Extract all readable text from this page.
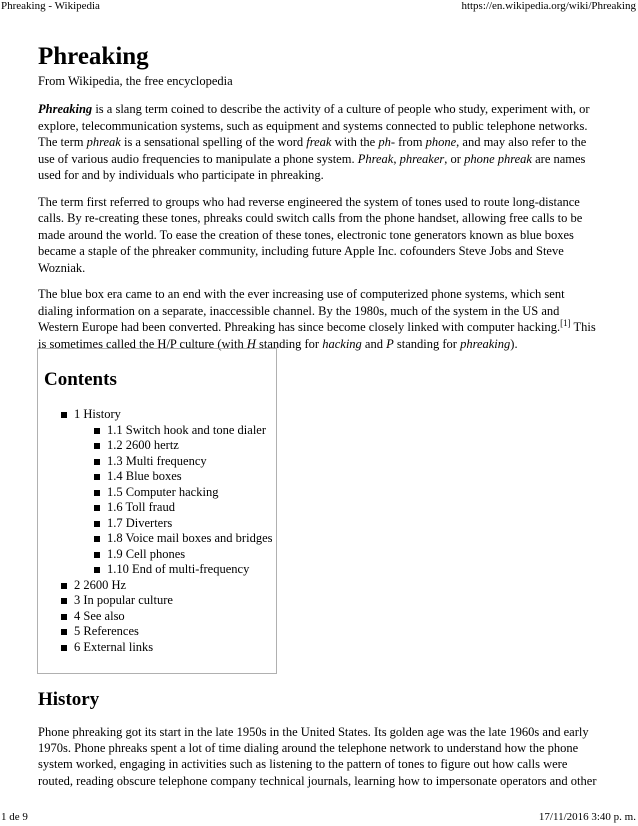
Phreaking - Wikipedia	https://en.wikipedia.org/wiki/Phreaking
Phreaking
From Wikipedia, the free encyclopedia

Phreaking is a slang term coined to describe the activity of a culture of people who study, experiment with, or explore, telecommunication systems, such as equipment and systems connected to public telephone networks. The term phreak is a sensational spelling of the word freak with the ph- from phone, and may also refer to the use of various audio frequencies to manipulate a phone system. Phreak, phreaker, or phone phreak are names used for and by individuals who participate in phreaking.

The term first referred to groups who had reverse engineered the system of tones used to route long-distance calls. By re-creating these tones, phreaks could switch calls from the phone handset, allowing free calls to be made around the world. To ease the creation of these tones, electronic tone generators known as blue boxes became a staple of the phreaker community, including future Apple Inc. cofounders Steve Jobs and Steve Wozniak.

The blue box era came to an end with the ever increasing use of computerized phone systems, which sent dialing information on a separate, inaccessible channel. By the 1980s, much of the system in the US and Western Europe had been converted. Phreaking has since become closely linked with computer hacking.[1] This is sometimes called the H/P culture (with H standing for hacking and P standing for phreaking).

Contents
1 History
1.1 Switch hook and tone dialer
1.2 2600 hertz
1.3 Multi frequency
1.4 Blue boxes
1.5 Computer hacking
1.6 Toll fraud
1.7 Diverters
1.8 Voice mail boxes and bridges
1.9 Cell phones
1.10 End of multi-frequency
2 2600 Hz
3 In popular culture
4 See also
5 References
6 External links
History

Phone phreaking got its start in the late 1950s in the United States. Its golden age was the late 1960s and early 1970s. Phone phreaks spent a lot of time dialing around the telephone network to understand how the phone system worked, engaging in activities such as listening to the pattern of tones to figure out how calls were routed, reading obscure telephone company technical journals, learning how to impersonate operators and other

1 de 9	17/11/2016 3:40 p. m.
